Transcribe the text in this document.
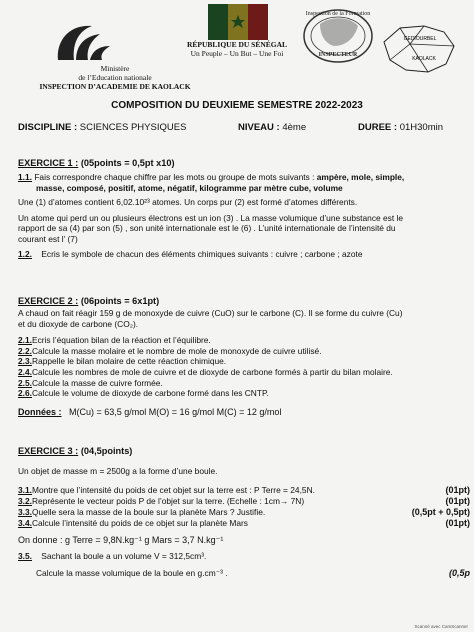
Ministère
de l’Education nationale
INSPECTION D’ACADEMIE DE KAOLACK
RÉPUBLIQUE DU SÉNÉGAL
Un Peuple – Un But – Une Foi
Inspection de la Formation
INSPECTEUR
GEDIOURBEL
KAOLACK
COMPOSITION DU DEUXIEME SEMESTRE 2022-2023
DISCIPLINE : SCIENCES PHYSIQUES	NIVEAU : 4ème	DUREE : 01H30min
EXERCICE 1 : (05points = 0,5pt x10)
1.1. Fais correspondre chaque chiffre par les mots ou groupe de mots suivants : ampère, mole, simple,
masse, composé, positif, atome, négatif, kilogramme par mètre cube, volume
Une (1) d’atomes contient 6,02.10²³ atomes. Un corps pur (2) est formé d’atomes différents.
Un atome qui perd un ou plusieurs électrons est un ion (3) . La masse volumique d’une substance est le
rapport de sa (4) par son (5) , son unité internationale est le (6) . L’unité internationale de l’intensité du
courant est l’ (7)
1.2. Ecris le symbole de chacun des éléments chimiques suivants : cuivre ; carbone ; azote
EXERCICE 2 : (06points = 6x1pt)
A chaud on fait réagir 159 g de monoxyde de cuivre (CuO) sur le carbone (C). Il se forme du cuivre (Cu)
et du dioxyde de carbone (CO₂).
2.1.Ecris l’équation bilan de la réaction et l’équilibre.
2.2.Calcule la masse molaire et le nombre de mole de monoxyde de cuivre utilisé.
2.3.Rappelle le bilan molaire de cette réaction chimique.
2.4.Calcule les nombres de mole de cuivre et de dioxyde de carbone formés à partir du bilan molaire.
2.5.Calcule la masse de cuivre formée.
2.6.Calcule le volume de dioxyde de carbone formé dans les CNTP.
Données : M(Cu) = 63,5 g/mol M(O) = 16 g/mol M(C) = 12 g/mol
EXERCICE 3 : (04,5points)
Un objet de masse m = 2500g a la forme d’une boule.
3.1.Montre que l’intensité du poids de cet objet sur la terre est : P Terre = 24,5N.	(01pt)
3.2.Représente le vecteur poids P de l’objet sur la terre. (Echelle : 1cm→ 7N)	(01pt)
3.3.Quelle sera la masse de la boule sur la planète Mars ? Justifie.	(0,5pt + 0,5pt)
3.4.Calcule l’intensité du poids de ce objet sur la planète Mars	(01pt)
On donne : g Terre = 9,8N.kg⁻¹ g Mars = 3,7 N.kg⁻¹
3.5. Sachant la boule a un volume V = 312,5cm³.
Calcule la masse volumique de la boule en g.cm⁻³ .	(0,5p
Scanné avec CamScanner
